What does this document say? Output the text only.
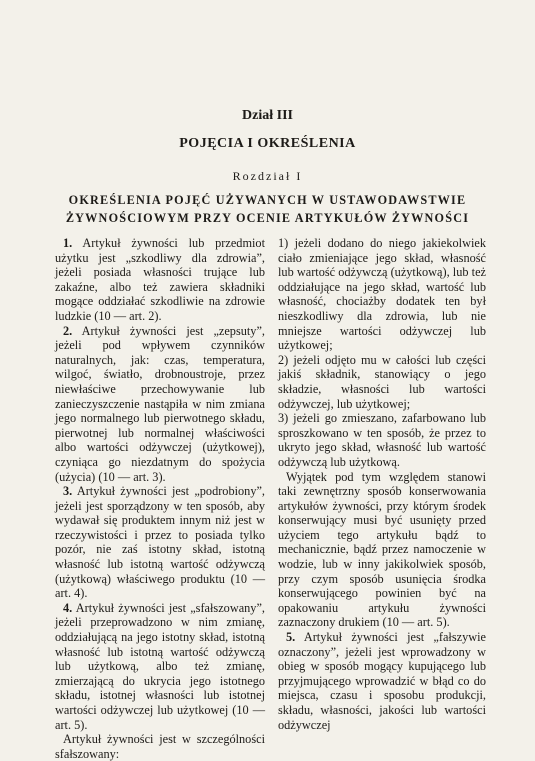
Dział III
POJĘCIA I OKREŚLENIA
Rozdział I
OKREŚLENIA POJĘĆ UŻYWANYCH W USTAWODAWSTWIE
ŻYWNOŚCIOWYM PRZY OCENIE ARTYKUŁÓW ŻYWNOŚCI

1. Artykuł żywności lub przedmiot użytku jest „szkodliwy dla zdrowia”, jeżeli posiada własności trujące lub zakaźne, albo też zawiera składniki mogące oddziałać szkodliwie na zdrowie ludzkie (10 — art. 2).

2. Artykuł żywności jest „zepsuty”, jeżeli pod wpływem czynników naturalnych, jak: czas, temperatura, wilgoć, światło, drobnoustroje, przez niewłaściwe przechowywanie lub zanieczyszczenie nastąpiła w nim zmiana jego normalnego lub pierwotnego składu, pierwotnej lub normalnej właściwości albo wartości odżywczej (użytkowej), czyniąca go niezdatnym do spożycia (użycia) (10 — art. 3).

3. Artykuł żywności jest „podrobiony”, jeżeli jest sporządzony w ten sposób, aby wydawał się produktem innym niż jest w rzeczywistości i przez to posiada tylko pozór, nie zaś istotny skład, istotną własność lub istotną wartość odżywczą (użytkową) właściwego produktu (10 — art. 4).

4. Artykuł żywności jest „sfałszowany”, jeżeli przeprowadzono w nim zmianę, oddziałującą na jego istotny skład, istotną własność lub istotną wartość odżywczą lub użytkową, albo też zmianę, zmierzającą do ukrycia jego istotnego składu, istotnej własności lub istotnej wartości odżywczej lub użytkowej (10 — art. 5).

Artykuł żywności jest w szczególności sfałszowany:

1) jeżeli dodano do niego jakiekolwiek ciało zmieniające jego skład, własność lub wartość odżywczą (użytkową), lub też oddziałujące na jego skład, wartość lub własność, chociażby dodatek ten był nieszkodliwy dla zdrowia, lub nie mniejsze wartości odżywczej lub użytkowej;

2) jeżeli odjęto mu w całości lub części jakiś składnik, stanowiący o jego składzie, własności lub wartości odżywczej, lub użytkowej;

3) jeżeli go zmieszano, zafarbowano lub sproszkowano w ten sposób, że przez to ukryto jego skład, własność lub wartość odżywczą lub użytkową.

Wyjątek pod tym względem stanowi taki zewnętrzny sposób konserwowania artykułów żywności, przy którym środek konserwujący musi być usunięty przed użyciem tego artykułu bądź to mechanicznie, bądź przez namoczenie w wodzie, lub w inny jakikolwiek sposób, przy czym sposób usunięcia środka konserwującego powinien być na opakowaniu artykułu żywności zaznaczony drukiem (10 — art. 5).

5. Artykuł żywności jest „fałszywie oznaczony”, jeżeli jest wprowadzony w obieg w sposób mogący kupującego lub przyjmującego wprowadzić w błąd co do miejsca, czasu i sposobu produkcji, składu, własności, jakości lub wartości odżywczej
